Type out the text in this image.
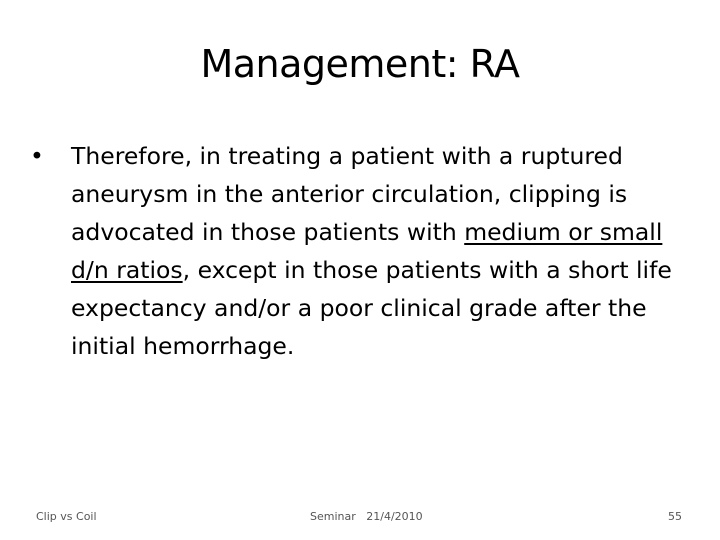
Management: RA
• Therefore, in treating a patient with a ruptured aneurysm in the anterior circulation, clipping is advocated in those patients with medium or small d/n ratios, except in those patients with a short life expectancy and/or a poor clinical grade after the initial hemorrhage.
Clip vs Coil	Seminar   21/4/2010	55
